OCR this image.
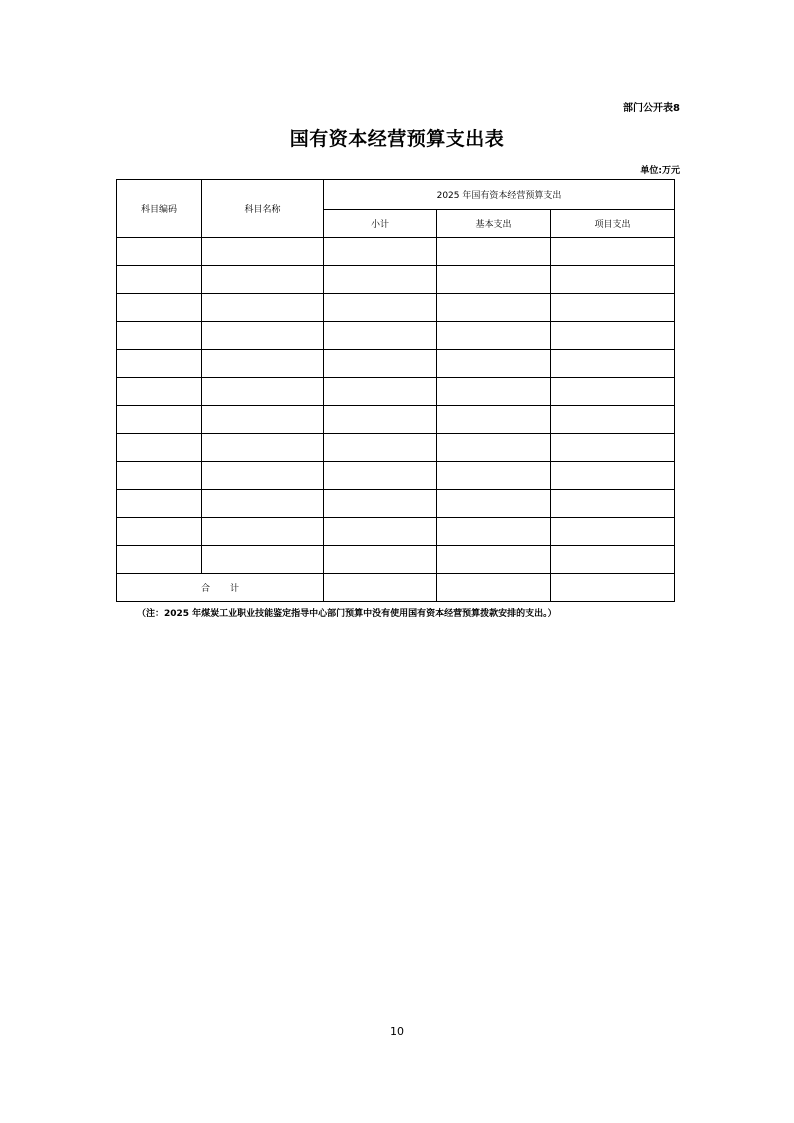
部门公开表8
国有资本经营预算支出表
单位:万元
科目编码	科目名称	2025 年国有资本经营预算支出		
		小计	基本支出	项目支出

合计				
（注：2025 年煤炭工业职业技能鉴定指导中心部门预算中没有使用国有资本经营预算拨款安排的支出。）
10
